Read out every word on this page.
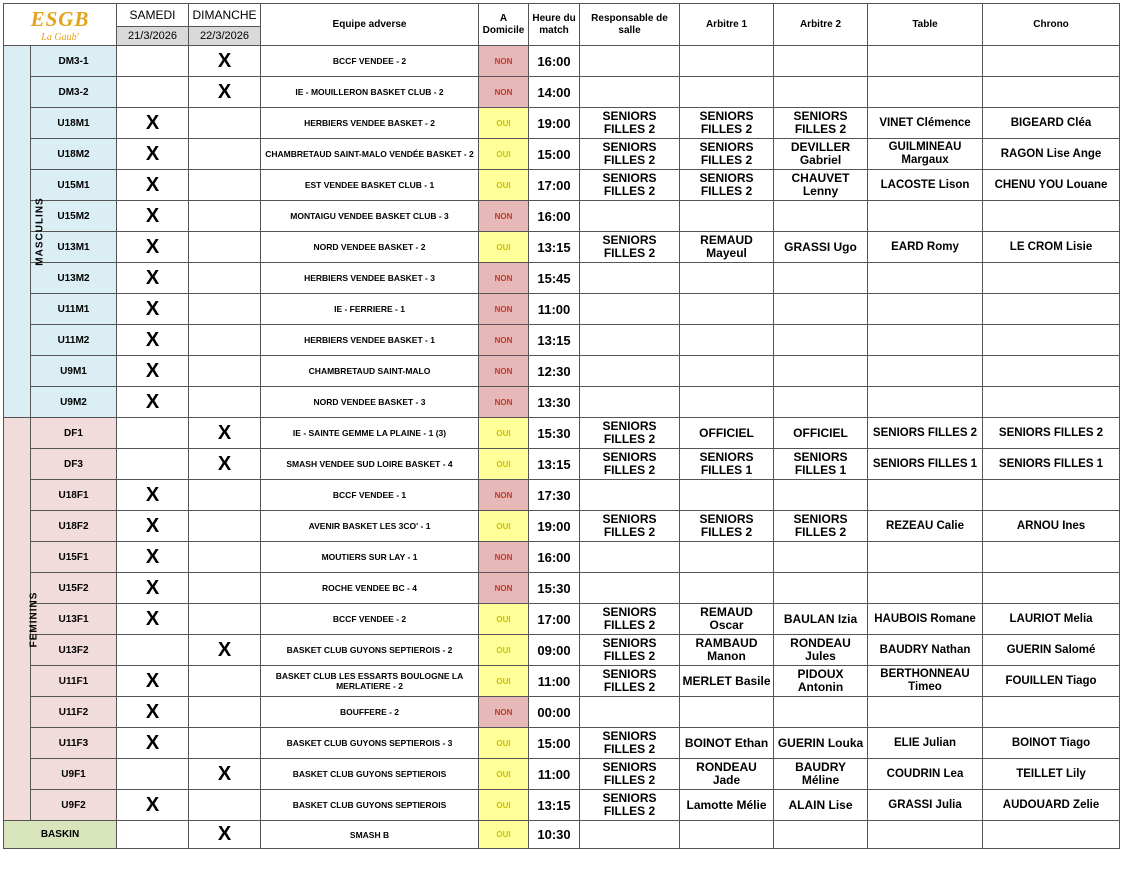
ESGB
La Gaub'		SAMEDI	DIMANCHE	Equipe adverse	A Domicile	Heure du match	Responsable de salle	Arbitre 1	Arbitre 2	Table	Chrono
		21/3/2026	22/3/2026								
MASCULINS	DM3-1		X	BCCF VENDEE - 2	NON	16:00					
	DM3-2		X	IE - MOUILLERON BASKET CLUB - 2	NON	14:00					
	U18M1	X		HERBIERS VENDEE BASKET - 2	OUI	19:00	SENIORS FILLES 2	SENIORS FILLES 2	SENIORS FILLES 2	VINET Clémence	BIGEARD Cléa
	U18M2	X		CHAMBRETAUD SAINT-MALO VENDÉE BASKET - 2	OUI	15:00	SENIORS FILLES 2	SENIORS FILLES 2	DEVILLER Gabriel	GUILMINEAU Margaux	RAGON Lise Ange
	U15M1	X		EST VENDEE BASKET CLUB - 1	OUI	17:00	SENIORS FILLES 2	SENIORS FILLES 2	CHAUVET Lenny	LACOSTE Lison	CHENU YOU Louane
	U15M2	X		MONTAIGU VENDEE BASKET CLUB - 3	NON	16:00					
	U13M1	X		NORD VENDEE BASKET - 2	OUI	13:15	SENIORS FILLES 2	REMAUD Mayeul	GRASSI Ugo	EARD Romy	LE CROM Lisie
	U13M2	X		HERBIERS VENDEE BASKET - 3	NON	15:45					
	U11M1	X		IE - FERRIERE - 1	NON	11:00					
	U11M2	X		HERBIERS VENDEE BASKET - 1	NON	13:15					
	U9M1	X		CHAMBRETAUD SAINT-MALO	NON	12:30					
	U9M2	X		NORD VENDEE BASKET - 3	NON	13:30					
FEMININS	DF1		X	IE - SAINTE GEMME LA PLAINE - 1 (3)	OUI	15:30	SENIORS FILLES 2	OFFICIEL	OFFICIEL	SENIORS FILLES 2	SENIORS FILLES 2
	DF3		X	SMASH VENDEE SUD LOIRE BASKET - 4	OUI	13:15	SENIORS FILLES 2	SENIORS FILLES 1	SENIORS FILLES 1	SENIORS FILLES 1	SENIORS FILLES 1
	U18F1	X		BCCF VENDEE - 1	NON	17:30					
	U18F2	X		AVENIR BASKET LES 3CO' - 1	OUI	19:00	SENIORS FILLES 2	SENIORS FILLES 2	SENIORS FILLES 2	REZEAU Calie	ARNOU Ines
	U15F1	X		MOUTIERS SUR LAY - 1	NON	16:00					
	U15F2	X		ROCHE VENDEE BC - 4	NON	15:30					
	U13F1	X		BCCF VENDEE - 2	OUI	17:00	SENIORS FILLES 2	REMAUD Oscar	BAULAN Izia	HAUBOIS Romane	LAURIOT Melia
	U13F2		X	BASKET CLUB GUYONS SEPTIEROIS - 2	OUI	09:00	SENIORS FILLES 2	RAMBAUD Manon	RONDEAU Jules	BAUDRY Nathan	GUERIN Salomé
	U11F1	X		BASKET CLUB LES ESSARTS BOULOGNE LA MERLATIERE - 2	OUI	11:00	SENIORS FILLES 2	MERLET Basile	PIDOUX Antonin	BERTHONNEAU Timeo	FOUILLEN Tiago
	U11F2	X		BOUFFERE - 2	NON	00:00					
	U11F3	X		BASKET CLUB GUYONS SEPTIEROIS - 3	OUI	15:00	SENIORS FILLES 2	BOINOT Ethan	GUERIN Louka	ELIE Julian	BOINOT Tiago
	U9F1		X	BASKET CLUB GUYONS SEPTIEROIS	OUI	11:00	SENIORS FILLES 2	RONDEAU Jade	BAUDRY Méline	COUDRIN Lea	TEILLET Lily
	U9F2	X		BASKET CLUB GUYONS SEPTIEROIS	OUI	13:15	SENIORS FILLES 2	Lamotte Mélie	ALAIN Lise	GRASSI Julia	AUDOUARD Zelie
BASKIN			X	SMASH B	OUI	10:30					
